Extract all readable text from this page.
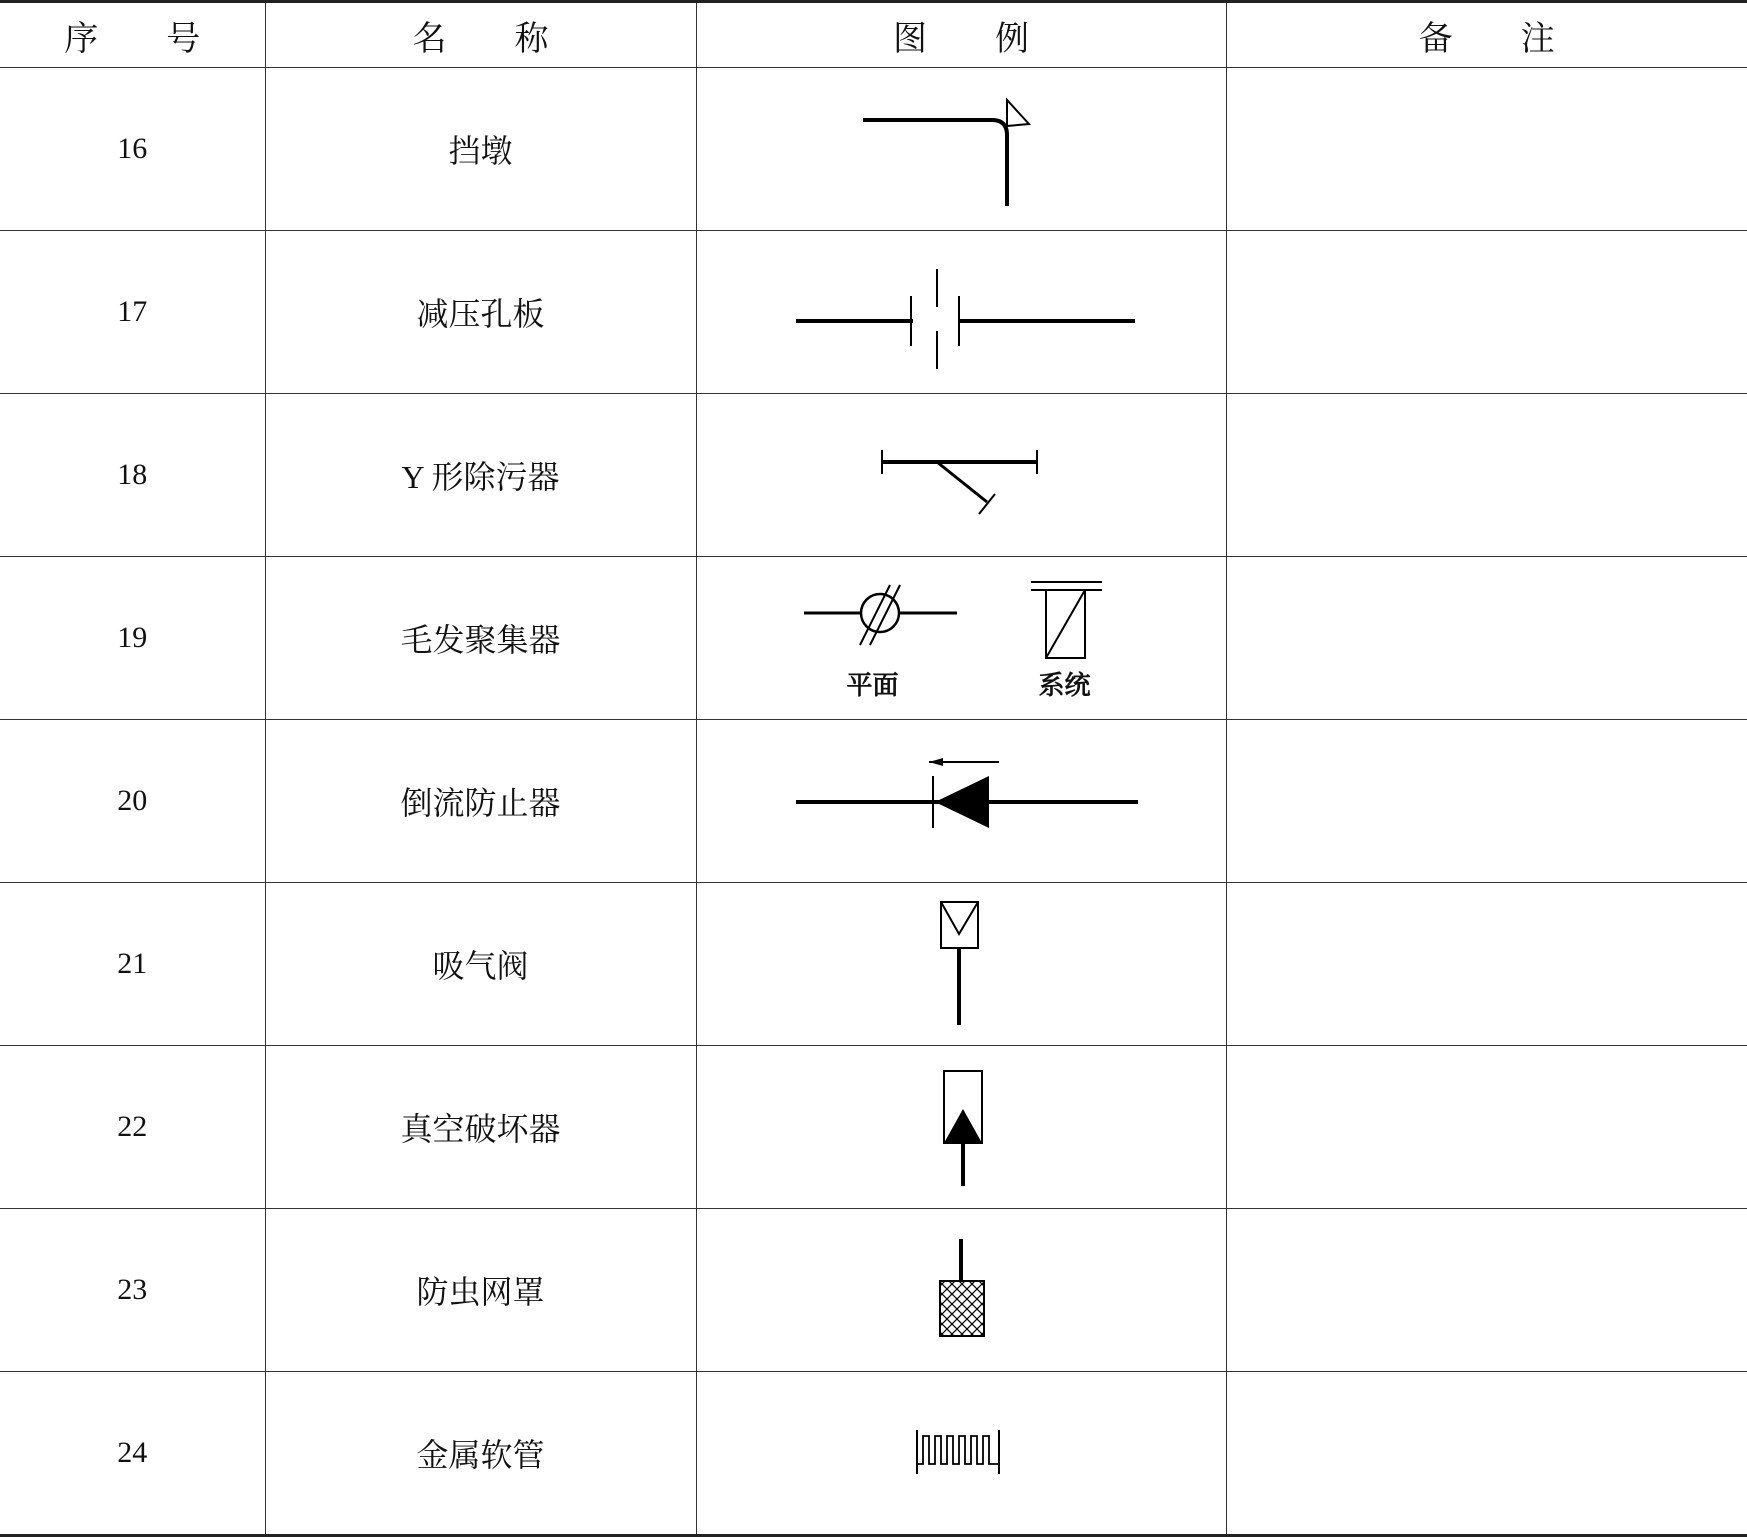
序 号	名 称	图 例	备 注
16	挡墩	

17	减压孔板	

18	Y 形除污器	

19	毛发聚集器	平面 系统	

20	倒流防止器	

21	吸气阀	

22	真空破坏器	

23	防虫网罩	

24	金属软管	
